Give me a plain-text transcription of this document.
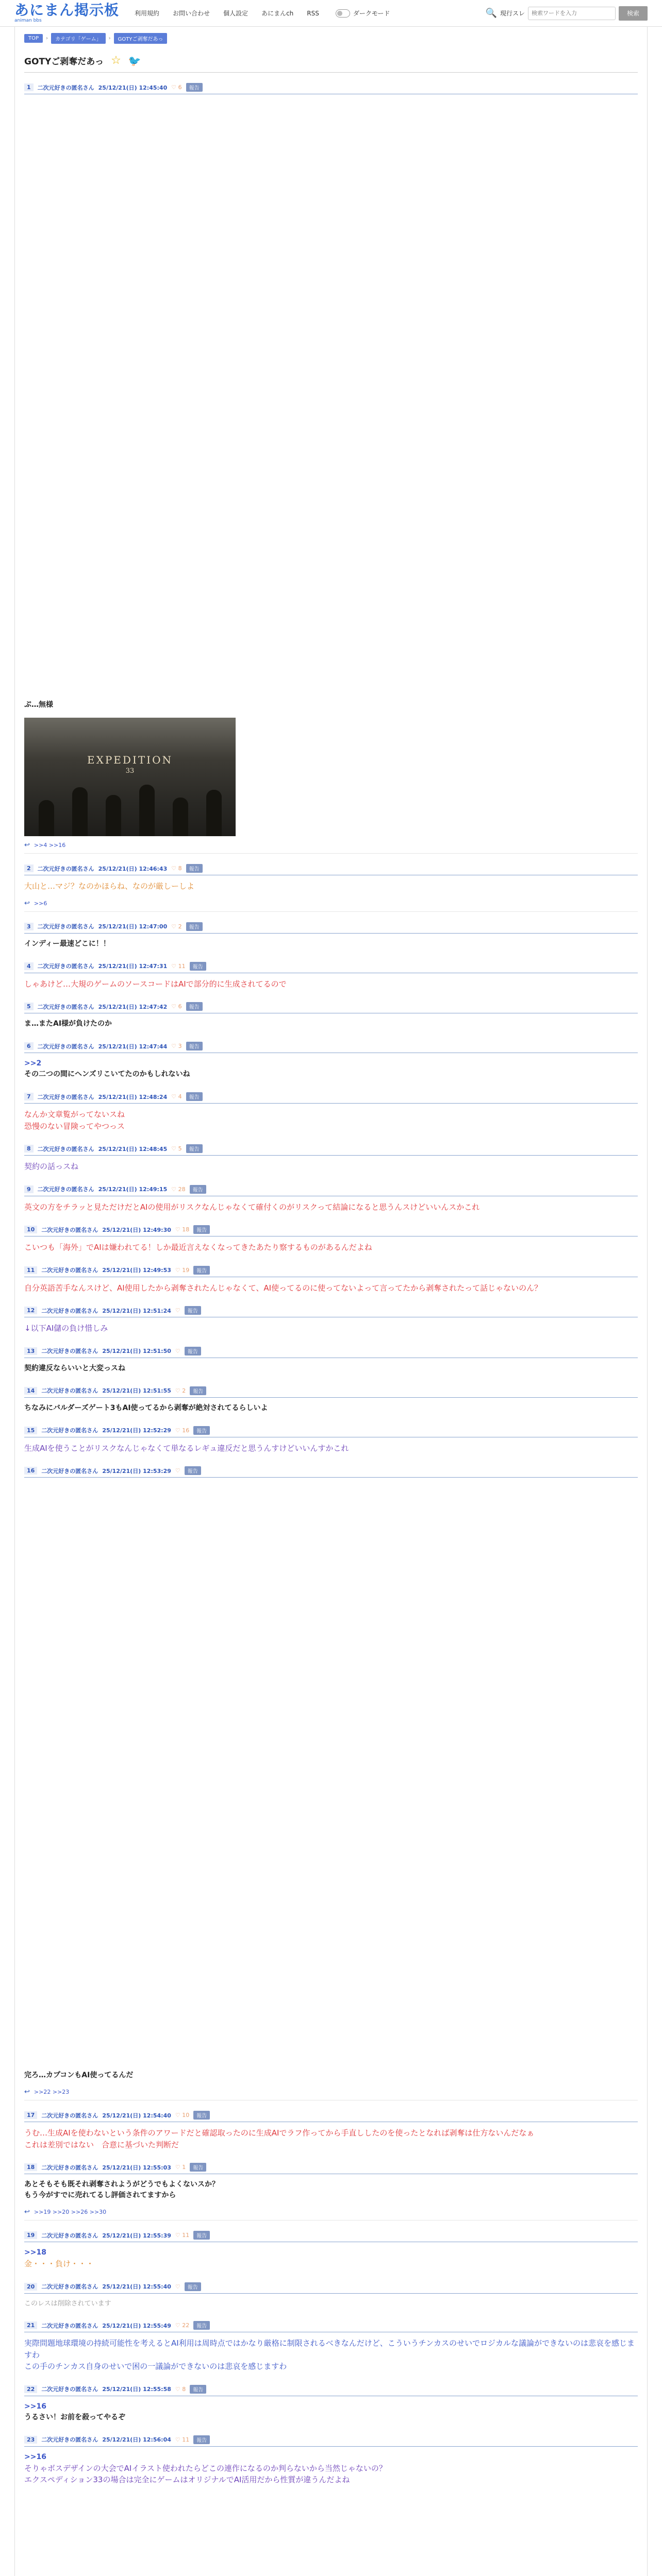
あにまん掲示板
animan bbs
利用規約 お問い合わせ 個人設定 あにまんch RSS	ダークモード	🔍 現行スレ
検索ワードを入力	検索
TOP	›	カテゴリ「ゲーム」	›	GOTYご剥奪だあっ
GOTYご剥奪だあっ ☆ 🐦
1	二次元好きの匿名さん 25/12/21(日) 12:45:40 ♡ 6	報告
ぷ…無様
EXPEDITION
33
↩ >>4 >>16
2	二次元好きの匿名さん 25/12/21(日) 12:46:43 ♡ 8	報告
大山と…マジ？なのかほらね、なのが厳しーしよ
↩ >>6
3	二次元好きの匿名さん 25/12/21(日) 12:47:00 ♡ 2	報告
インディー最速どこに！！
4	二次元好きの匿名さん 25/12/21(日) 12:47:31 ♡ 11	報告
しゃあけど…大規のゲームのソースコードはAIで部分的に生成されてるので
5	二次元好きの匿名さん 25/12/21(日) 12:47:42 ♡ 6	報告
ま…またAI様が負けたのか
6	二次元好きの匿名さん 25/12/21(日) 12:47:44 ♡ 3	報告
>>2
その二つの間にヘンズリこいてたのかもしれないね
7	二次元好きの匿名さん 25/12/21(日) 12:48:24 ♡ 4	報告
なんか文章覧がってないスね
恐慢のない冒険ってやつっス
8	二次元好きの匿名さん 25/12/21(日) 12:48:45 ♡ 5	報告
契約の話っスね
9	二次元好きの匿名さん 25/12/21(日) 12:49:15 ♡ 28	報告
英文の方をチラッと見ただけだとAIの使用がリスクなんじゃなくて確付くのがリスクって結論になると思うんスけどいいんスかこれ
10	二次元好きの匿名さん 25/12/21(日) 12:49:30 ♡ 18	報告
こいつも「海外」でAIは嫌われてる！しか最近言えなくなってきたあたり察するものがあるんだよね
11	二次元好きの匿名さん 25/12/21(日) 12:49:53 ♡ 19	報告
自分英語苦手なんスけど、AI使用したから剥奪されたんじゃなくて、AI使ってるのに使ってないよって言ってたから剥奪されたって話じゃないのん？
12	二次元好きの匿名さん 25/12/21(日) 12:51:24 ♡	報告
↓以下AI儲の負け惜しみ
13	二次元好きの匿名さん 25/12/21(日) 12:51:50 ♡	報告
契約違反ならいいと大変っスね
14	二次元好きの匿名さん 25/12/21(日) 12:51:55 ♡ 2	報告
ちなみにバルダーズゲート3もAI使ってるから剥奪が絶対されてるらしいよ
15	二次元好きの匿名さん 25/12/21(日) 12:52:29 ♡ 16	報告
生成AIを使うことがリスクなんじゃなくて単なるレギュ違反だと思うんすけどいいんすかこれ
16	二次元好きの匿名さん 25/12/21(日) 12:53:29 ♡	報告
完ろ…カプコンもAI使ってるんだ
↩ >>22 >>23
17	二次元好きの匿名さん 25/12/21(日) 12:54:40 ♡ 10	報告
うむ…生成AIを使わないという条件のアワードだと確認取ったのに生成AIでラフ作ってから手直ししたのを使ったとなれば剥奪は仕方ないんだなぁ
これは差別ではない　合意に基づいた判断だ
18	二次元好きの匿名さん 25/12/21(日) 12:55:03 ♡ 1	報告
あとそもそも既それ剥奪されようがどうでもよくないスか？
もう今がすでに売れてるし評価されてますから
↩ >>19 >>20 >>26 >>30
19	二次元好きの匿名さん 25/12/21(日) 12:55:39 ♡ 11	報告
>>18
金・・・負け・・・
20	二次元好きの匿名さん 25/12/21(日) 12:55:40 ♡	報告
このレスは削除されています
21	二次元好きの匿名さん 25/12/21(日) 12:55:49 ♡ 22	報告
実際問題地球環境の持続可能性を考えるとAI利用は周時点ではかなり厳格に制限されるべきなんだけど、こういうチンカスのせいでロジカルな議論ができないのは悲哀を感じますわ
この手のチンカス自身のせいで困の一議論ができないのは悲哀を感じますわ
22	二次元好きの匿名さん 25/12/21(日) 12:55:58 ♡ 8	報告
>>16
うるさい！お前を殺ってやるぞ
23	二次元好きの匿名さん 25/12/21(日) 12:56:04 ♡ 11	報告
>>16
そりゃボスデザインの大会でAIイラスト使われたらどこの連作になるのか判らないから当然じゃないの？
エクスペディション33の場合は完全にゲームはオリジナルでAI活用だから性質が違うんだよね
